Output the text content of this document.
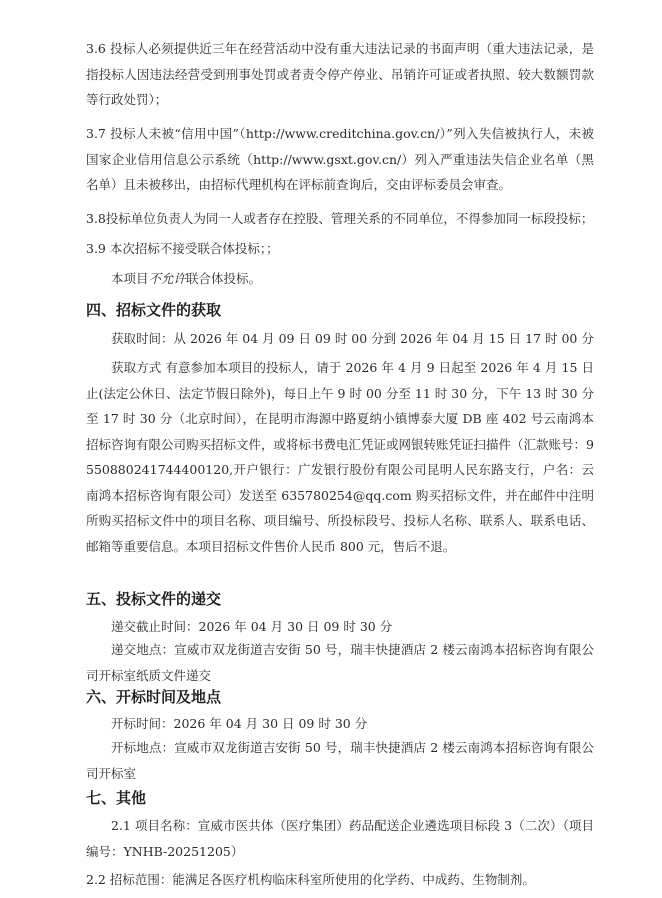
3.6 投标人必须提供近三年在经营活动中没有重大违法记录的书面声明（重大违法记录，是指投标人因违法经营受到刑事处罚或者责令停产停业、吊销许可证或者执照、较大数额罚款等行政处罚）；

3.7 投标人未被“信用中国”（http://www.creditchina.gov.cn/）”列入失信被执行人，未被国家企业信用信息公示系统（http://www.gsxt.gov.cn/）列入严重违法失信企业名单（黑名单）且未被移出，由招标代理机构在评标前查询后，交由评标委员会审查。

3.8投标单位负责人为同一人或者存在控股、管理关系的不同单位，不得参加同一标段投标；

3.9 本次招标不接受联合体投标；；

本项目不允许联合体投标。

四、招标文件的获取

获取时间：从 2026 年 04 月 09 日 09 时 00 分到 2026 年 04 月 15 日 17 时 00 分

获取方式 有意参加本项目的投标人，请于 2026 年 4 月 9 日起至 2026 年 4 月 15 日止(法定公休日、法定节假日除外)，每日上午 9 时 00 分至 11 时 30 分，下午 13 时 30 分至 17 时 30 分（北京时间），在昆明市海源中路夏纳小镇博泰大厦 DB 座 402 号云南鸿本招标咨询有限公司购买招标文件，或将标书费电汇凭证或网银转账凭证扫描件（汇款账号：9550880241744400120,开户银行：广发银行股份有限公司昆明人民东路支行，户名：云南鸿本招标咨询有限公司）发送至 635780254@qq.com 购买招标文件，并在邮件中注明所购买招标文件中的项目名称、项目编号、所投标段号、投标人名称、联系人、联系电话、邮箱等重要信息。本项目招标文件售价人民币 800 元，售后不退。

五、投标文件的递交

递交截止时间：2026 年 04 月 30 日 09 时 30 分

递交地点：宣威市双龙街道吉安街 50 号，瑞丰快捷酒店 2 楼云南鸿本招标咨询有限公司开标室纸质文件递交

六、开标时间及地点

开标时间：2026 年 04 月 30 日 09 时 30 分

开标地点：宣威市双龙街道吉安街 50 号，瑞丰快捷酒店 2 楼云南鸿本招标咨询有限公司开标室

七、其他

2.1 项目名称：宣威市医共体（医疗集团）药品配送企业遴选项目标段 3（二次）（项目编号：YNHB-20251205）

2.2 招标范围：能满足各医疗机构临床科室所使用的化学药、中成药、生物制剂。
